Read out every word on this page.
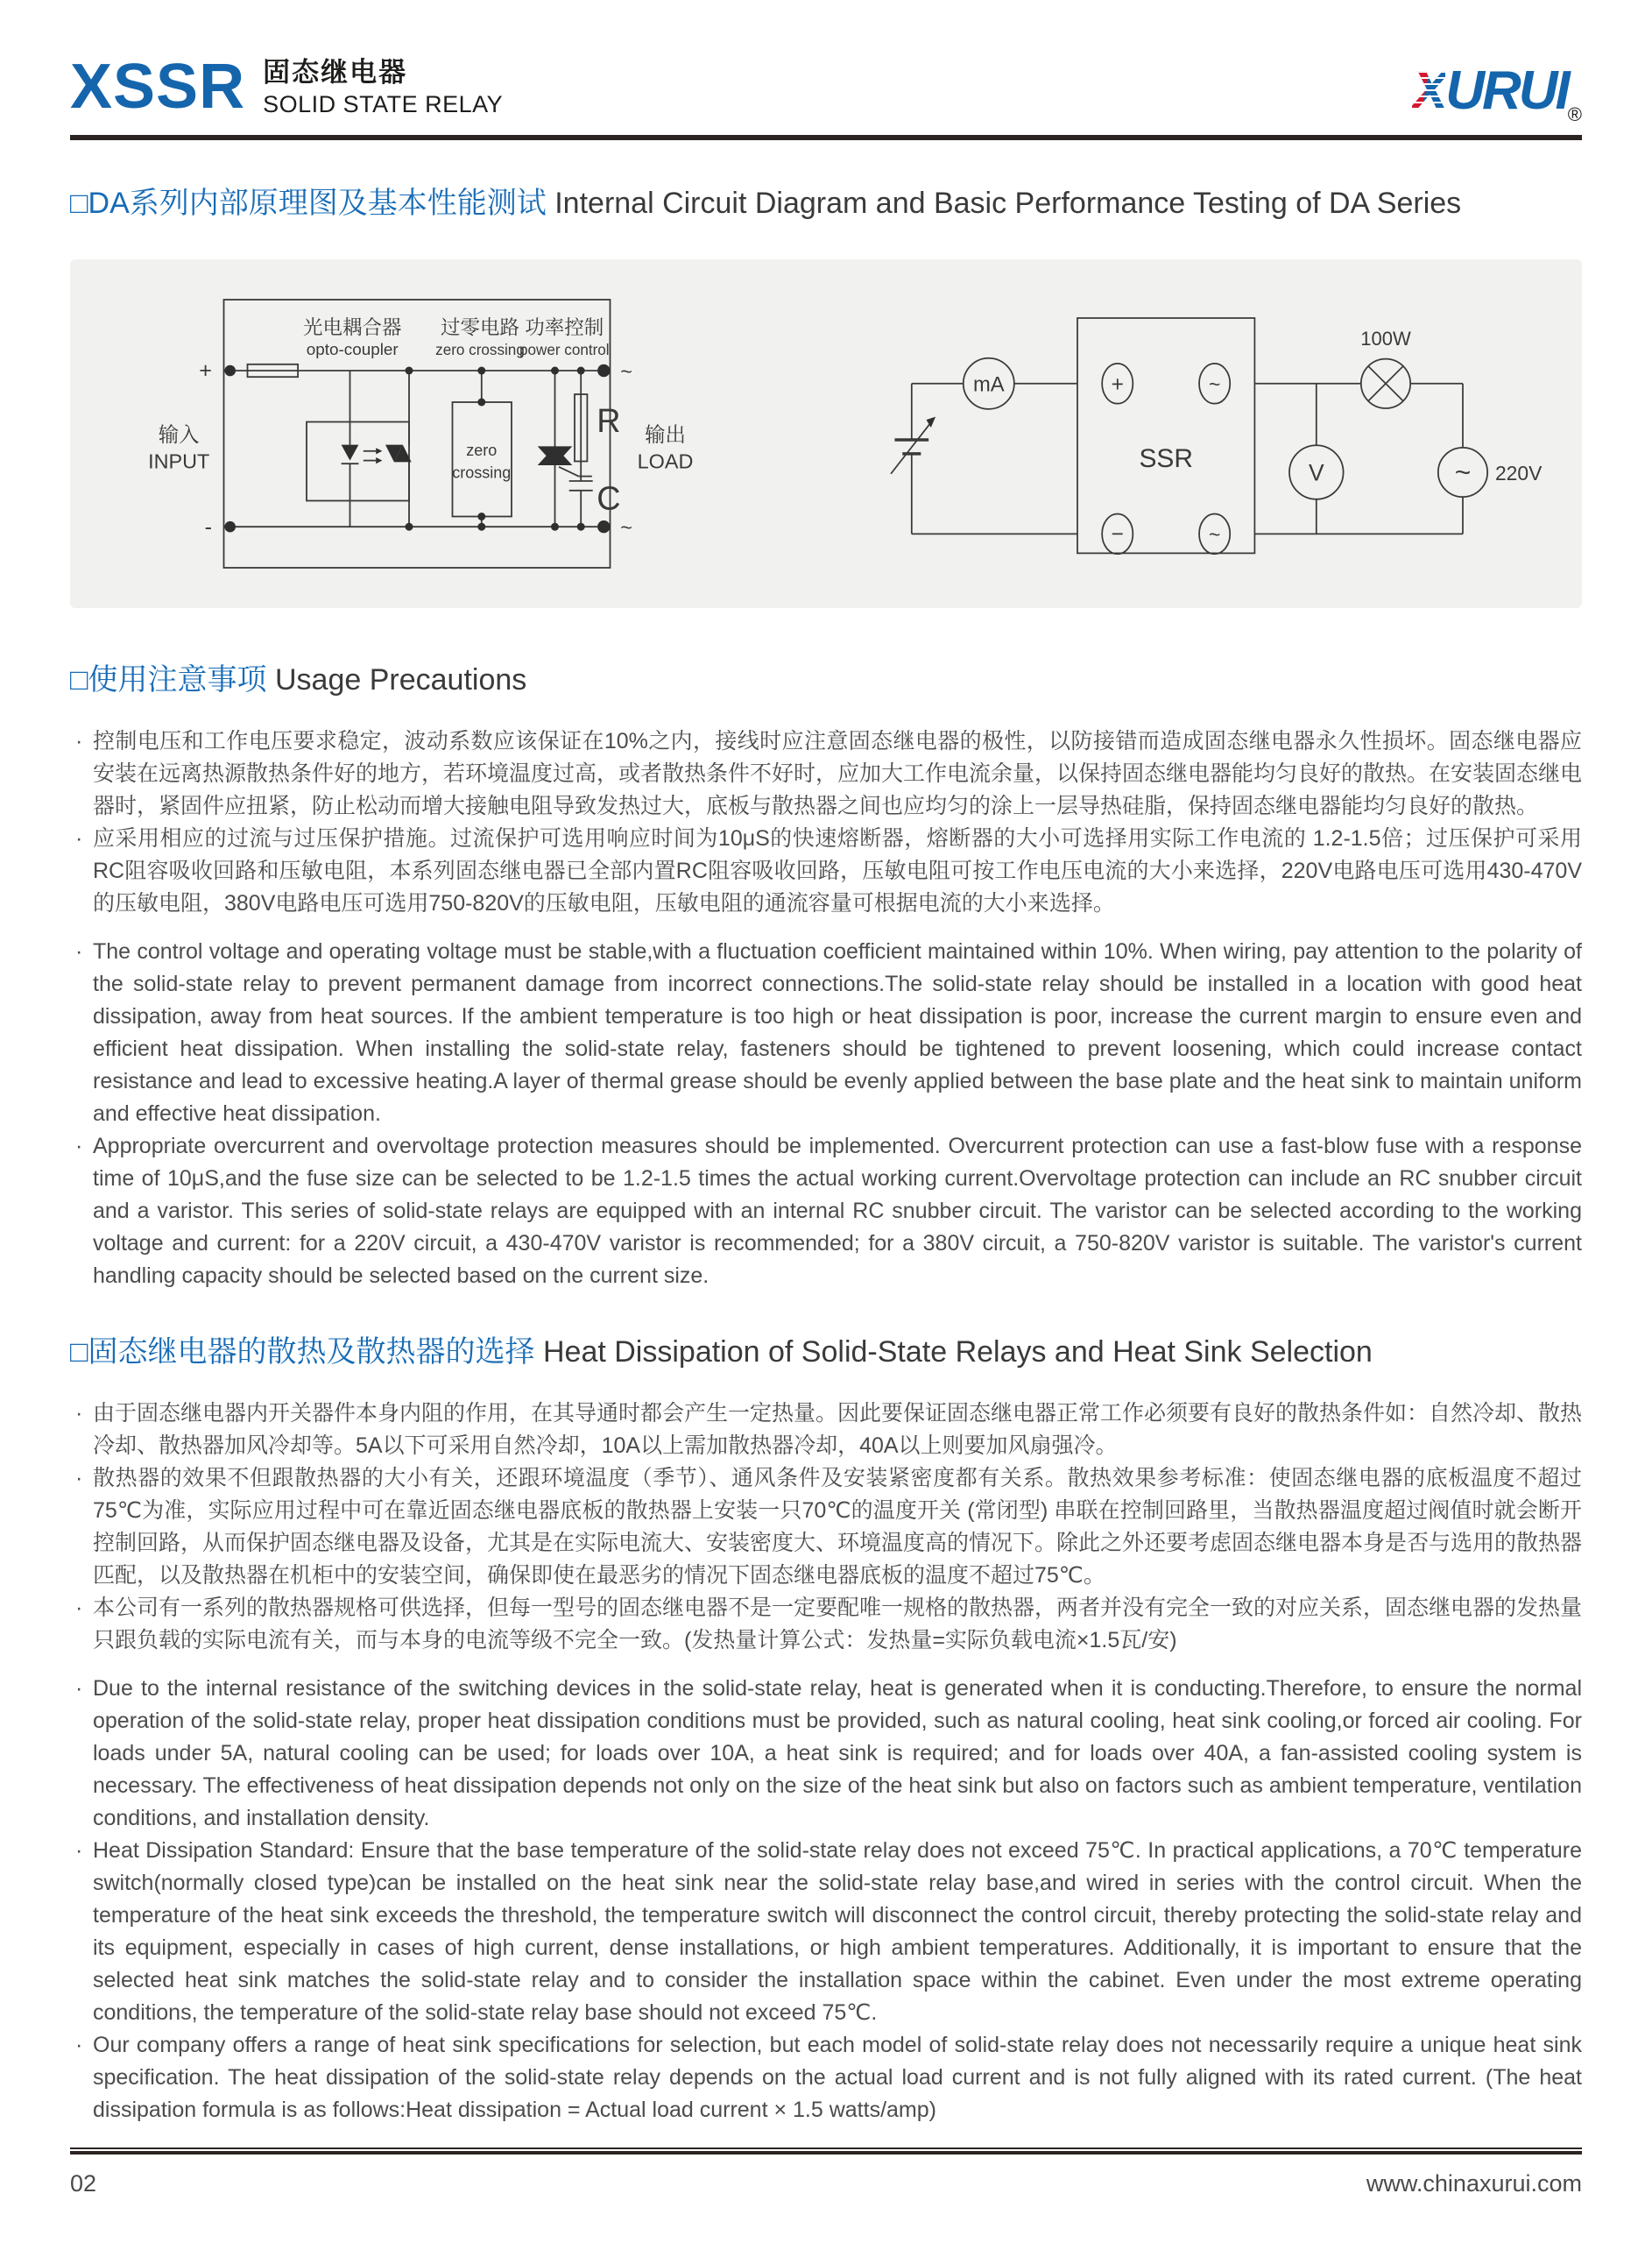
XSSR 固态继电器
SOLID STATE RELAY	$XURUI_®$
□DA系列内部原理图及基本性能测试 Internal Circuit Diagram and Basic Performance Testing of DA Series
+
-
~
~
输入
INPUT
输出
LOAD
光电耦合器
opto-coupler
过零电路
zero crossing
功率控制
power control
zero
crossing
R
C
mA	+	~
−	~
SSR	V
100W
~ 220V
□使用注意事项 Usage Precautions
· 控制电压和工作电压要求稳定，波动系数应该保证在10%之内，接线时应注意固态继电器的极性，以防接错而造成固态继电器永久性损坏。固态继电器应安装在远离热源散热条件好的地方，若环境温度过高，或者散热条件不好时，应加大工作电流余量，以保持固态继电器能均匀良好的散热。在安装固态继电器时，紧固件应扭紧，防止松动而增大接触电阻导致发热过大，底板与散热器之间也应均匀的涂上一层导热硅脂，保持固态继电器能均匀良好的散热。
· 应采用相应的过流与过压保护措施。过流保护可选用响应时间为10μS的快速熔断器，熔断器的大小可选择用实际工作电流的 1.2-1.5倍；过压保护可采用RC阻容吸收回路和压敏电阻，本系列固态继电器已全部内置RC阻容吸收回路，压敏电阻可按工作电压电流的大小来选择，220V电路电压可选用430-470V的压敏电阻，380V电路电压可选用750-820V的压敏电阻，压敏电阻的通流容量可根据电流的大小来选择。
· The control voltage and operating voltage must be stable,with a fluctuation coefficient maintained within 10%. When wiring, pay attention to the polarity of the solid-state relay to prevent permanent damage from incorrect connections.The solid-state relay should be installed in a location with good heat dissipation, away from heat sources. If the ambient temperature is too high or heat dissipation is poor, increase the current margin to ensure even and efficient heat dissipation. When installing the solid-state relay, fasteners should be tightened to prevent loosening, which could increase contact resistance and lead to excessive heating.A layer of thermal grease should be evenly applied between the base plate and the heat sink to maintain uniform and effective heat dissipation.
· Appropriate overcurrent and overvoltage protection measures should be implemented. Overcurrent protection can use a fast-blow fuse with a response time of 10μS,and the fuse size can be selected to be 1.2-1.5 times the actual working current.Overvoltage protection can include an RC snubber circuit and a varistor. This series of solid-state relays are equipped with an internal RC snubber circuit. The varistor can be selected according to the working voltage and current: for a 220V circuit, a 430-470V varistor is recommended; for a 380V circuit, a 750-820V varistor is suitable. The varistor's current handling capacity should be selected based on the current size.
□固态继电器的散热及散热器的选择 Heat Dissipation of Solid-State Relays and Heat Sink Selection
· 由于固态继电器内开关器件本身内阻的作用，在其导通时都会产生一定热量。因此要保证固态继电器正常工作必须要有良好的散热条件如：自然冷却、散热冷却、散热器加风冷却等。5A以下可采用自然冷却，10A以上需加散热器冷却，40A以上则要加风扇强冷。
· 散热器的效果不但跟散热器的大小有关，还跟环境温度（季节）、通风条件及安装紧密度都有关系。散热效果参考标准：使固态继电器的底板温度不超过75℃为准，实际应用过程中可在靠近固态继电器底板的散热器上安装一只70℃的温度开关 (常闭型) 串联在控制回路里，当散热器温度超过阀值时就会断开控制回路，从而保护固态继电器及设备，尤其是在实际电流大、安装密度大、环境温度高的情况下。除此之外还要考虑固态继电器本身是否与选用的散热器匹配，以及散热器在机柜中的安装空间，确保即使在最恶劣的情况下固态继电器底板的温度不超过75℃。
· 本公司有一系列的散热器规格可供选择，但每一型号的固态继电器不是一定要配唯一规格的散热器，两者并没有完全一致的对应关系，固态继电器的发热量只跟负载的实际电流有关，而与本身的电流等级不完全一致。(发热量计算公式：发热量=实际负载电流×1.5瓦/安)
· Due to the internal resistance of the switching devices in the solid-state relay, heat is generated when it is conducting.Therefore, to ensure the normal operation of the solid-state relay, proper heat dissipation conditions must be provided, such as natural cooling, heat sink cooling,or forced air cooling. For loads under 5A, natural cooling can be used; for loads over 10A, a heat sink is required; and for loads over 40A, a fan-assisted cooling system is necessary. The effectiveness of heat dissipation depends not only on the size of the heat sink but also on factors such as ambient temperature, ventilation conditions, and installation density.
· Heat Dissipation Standard: Ensure that the base temperature of the solid-state relay does not exceed 75℃. In practical applications, a 70℃ temperature switch(normally closed type)can be installed on the heat sink near the solid-state relay base,and wired in series with the control circuit. When the temperature of the heat sink exceeds the threshold, the temperature switch will disconnect the control circuit, thereby protecting the solid-state relay and its equipment, especially in cases of high current, dense installations, or high ambient temperatures. Additionally, it is important to ensure that the selected heat sink matches the solid-state relay and to consider the installation space within the cabinet. Even under the most extreme operating conditions, the temperature of the solid-state relay base should not exceed 75℃.
· Our company offers a range of heat sink specifications for selection, but each model of solid-state relay does not necessarily require a unique heat sink specification. The heat dissipation of the solid-state relay depends on the actual load current and is not fully aligned with its rated current. (The heat dissipation formula is as follows:Heat dissipation = Actual load current × 1.5 watts/amp)
02	www.chinaxurui.com
